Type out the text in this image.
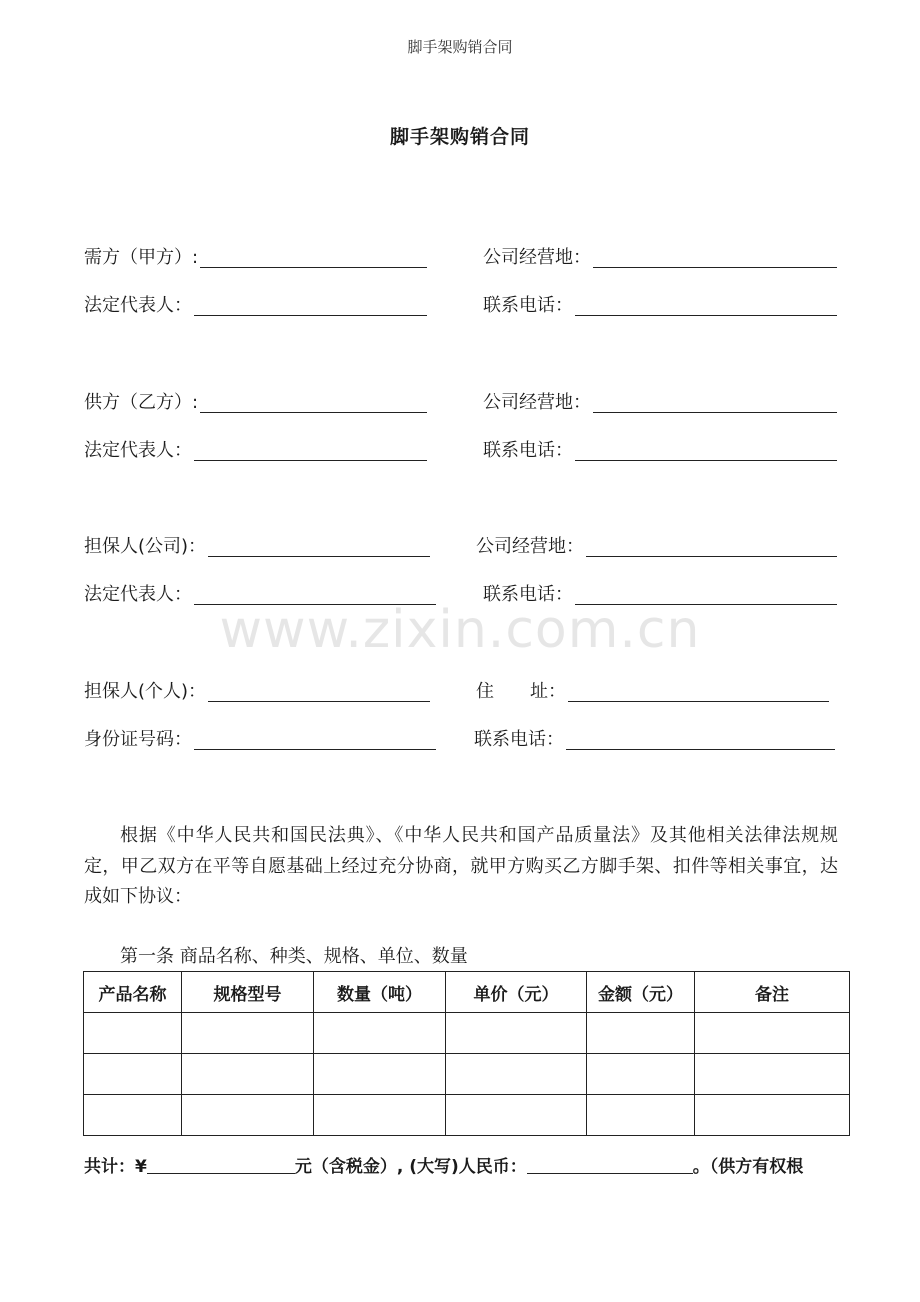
脚手架购销合同
脚手架购销合同
需方（甲方）:	公司经营地：
法定代表人：	联系电话：
供方（乙方）:	公司经营地：
法定代表人：	联系电话：
担保人(公司)：	公司经营地：
法定代表人：	联系电话：
www.zixin.com.cn
担保人(个人)：	住　　址：
身份证号码：	联系电话：

根据《中华人民共和国民法典》、《中华人民共和国产品质量法》及其他相关法律法规规定，甲乙双方在平等自愿基础上经过充分协商，就甲方购买乙方脚手架、扣件等相关事宜，达成如下协议：

第一条 商品名称、种类、规格、单位、数量
产品名称	规格型号	数量（吨）	单价（元）	金额（元）	备注

共计：¥	元（含税金）, (大写)人民币：	。（供方有权根
